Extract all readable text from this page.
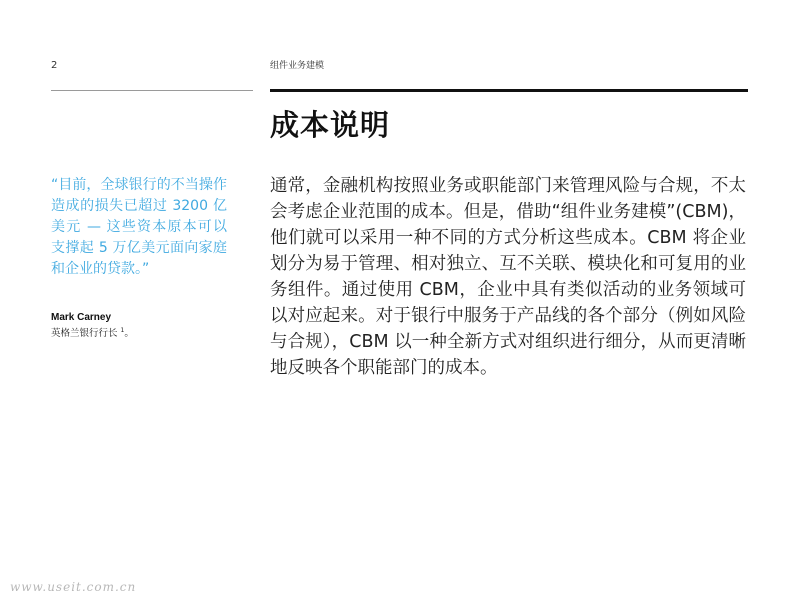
2	组件业务建模
成本说明

“目前，全球银行的不当操作造成的损失已超过 3200 亿美元 — 这些资本原本可以支撑起 5 万亿美元面向家庭和企业的贷款。”

Mark Carney
英格兰银行行长 $^1$。

通常，金融机构按照业务或职能部门来管理风险与合规，不太会考虑企业范围的成本。但是，借助“组件业务建模”(CBM)，他们就可以采用一种不同的方式分析这些成本。CBM 将企业划分为易于管理、相对独立、互不关联、模块化和可复用的业务组件。通过使用 CBM，企业中具有类似活动的业务领域可以对应起来。对于银行中服务于产品线的各个部分（例如风险与合规），CBM 以一种全新方式对组织进行细分，从而更清晰地反映各个职能部门的成本。

www.useit.com.cn
